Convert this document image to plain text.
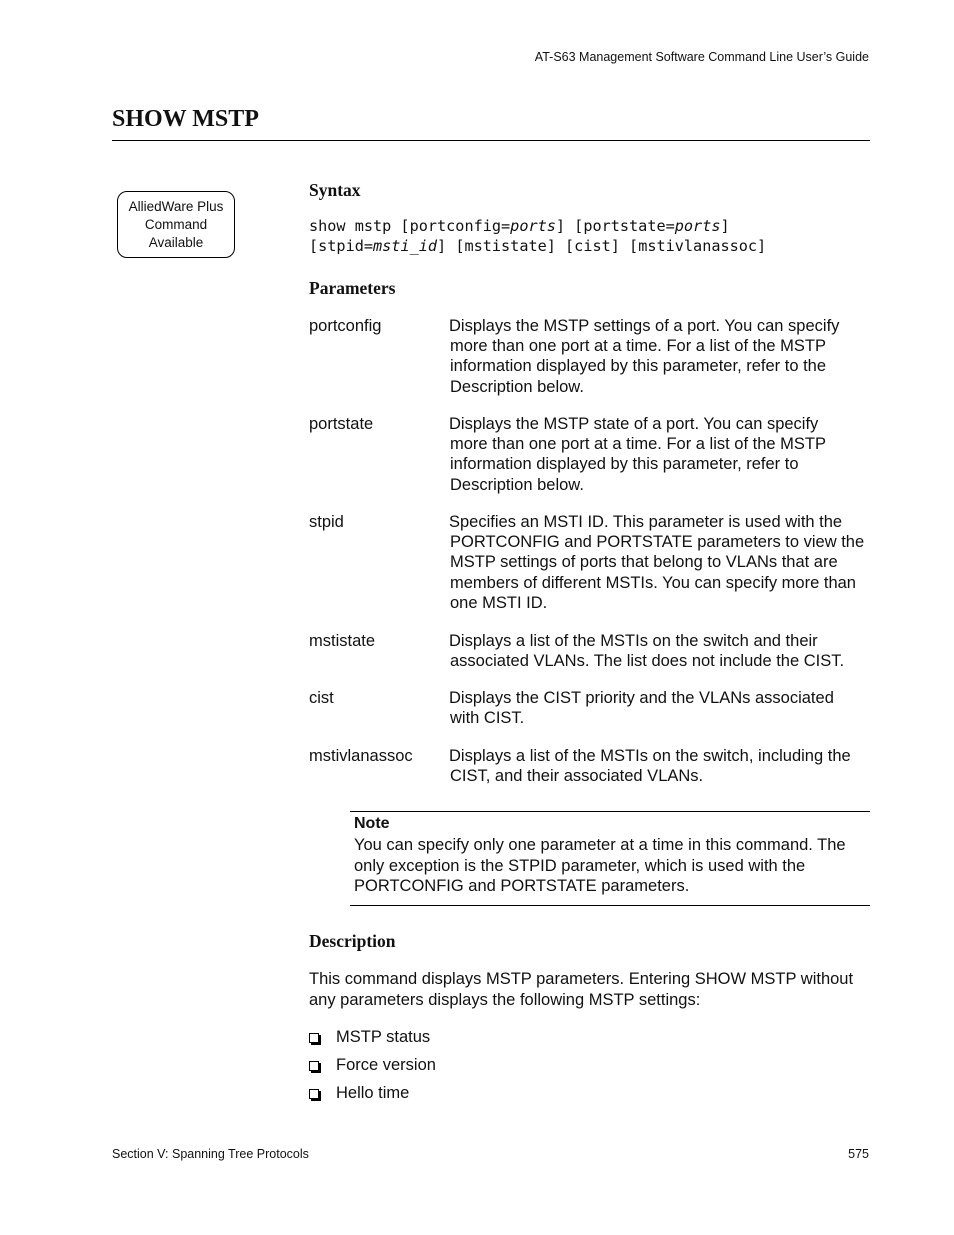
AT-S63 Management Software Command Line User’s Guide
SHOW MSTP
AlliedWare Plus
Command
Available
Syntax
show mstp [portconfig=ports] [portstate=ports]
[stpid=msti_id] [mstistate] [cist] [mstivlanassoc]
Parameters
portconfig	Displays the MSTP settings of a port. You can specify
more than one port at a time. For a list of the MSTP information displayed by this parameter, refer to the Description below.
portstate	Displays the MSTP state of a port. You can specify
more than one port at a time. For a list of the MSTP information displayed by this parameter, refer to Description below.
stpid	Specifies an MSTI ID. This parameter is used with the
PORTCONFIG and PORTSTATE parameters to view the MSTP settings of ports that belong to VLANs that are members of different MSTIs. You can specify more than one MSTI ID.
mstistate	Displays a list of the MSTIs on the switch and their
associated VLANs. The list does not include the CIST.
cist	Displays the CIST priority and the VLANs associated
with CIST.
mstivlanassoc Displays a list of the MSTIs on the switch, including the
CIST, and their associated VLANs.
Note
You can specify only one parameter at a time in this command. The only exception is the STPID parameter, which is used with the PORTCONFIG and PORTSTATE parameters.
Description
This command displays MSTP parameters. Entering SHOW MSTP without any parameters displays the following MSTP settings:
MSTP status
Force version
Hello time
Section V: Spanning Tree Protocols	575
